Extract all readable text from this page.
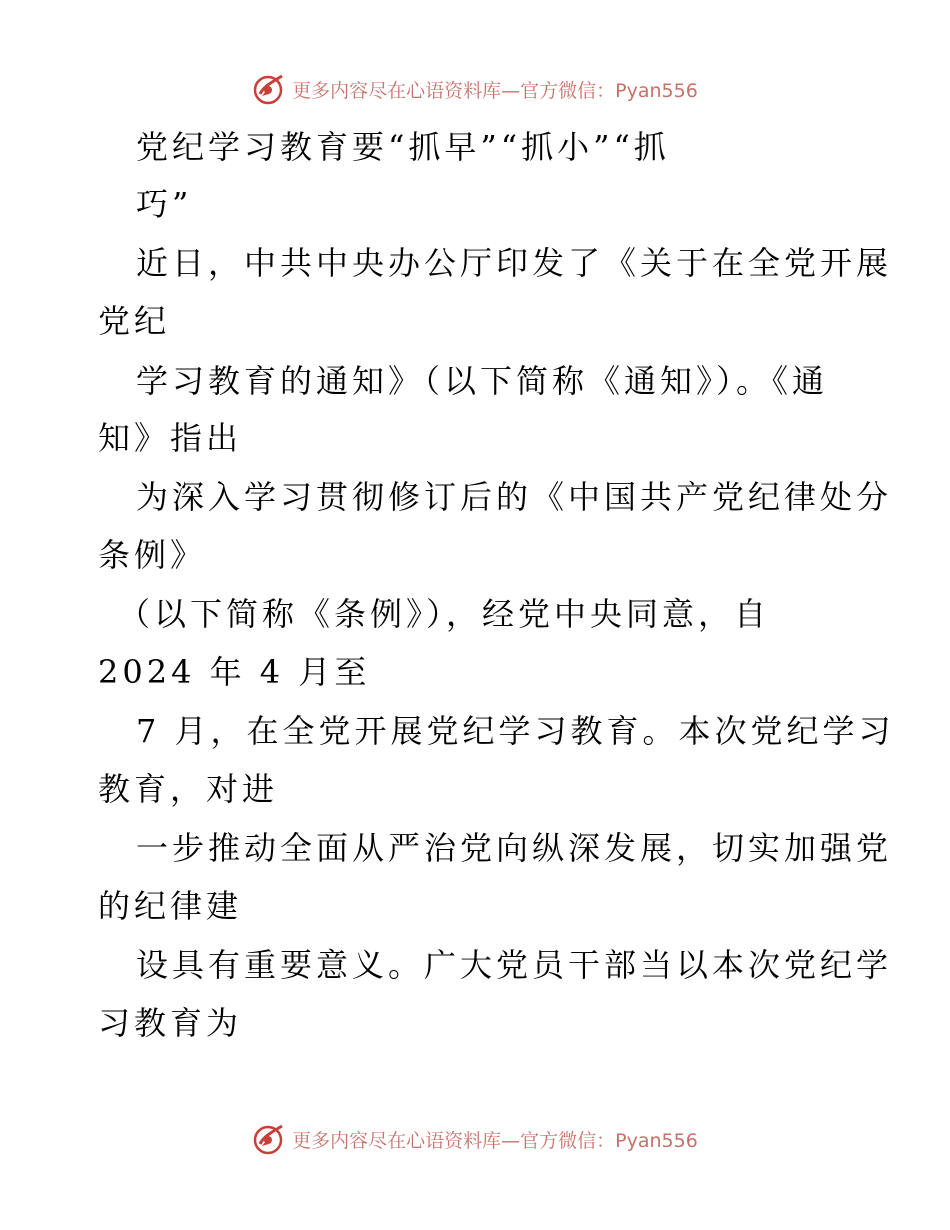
更多内容尽在心语资料库—官方微信：Pyan556
党纪学习教育要“抓早”“抓小”“抓
巧”
近日，中共中央办公厅印发了《关于在全党开展
党纪
学习教育的通知》（以下简称《通知》）。《通
知》指出
为深入学习贯彻修订后的《中国共产党纪律处分
条例》
（以下简称《条例》），经党中央同意，自
2024 年 4 月至
7 月，在全党开展党纪学习教育。本次党纪学习
教育，对进
一步推动全面从严治党向纵深发展，切实加强党
的纪律建
设具有重要意义。广大党员干部当以本次党纪学
习教育为
更多内容尽在心语资料库—官方微信：Pyan556
